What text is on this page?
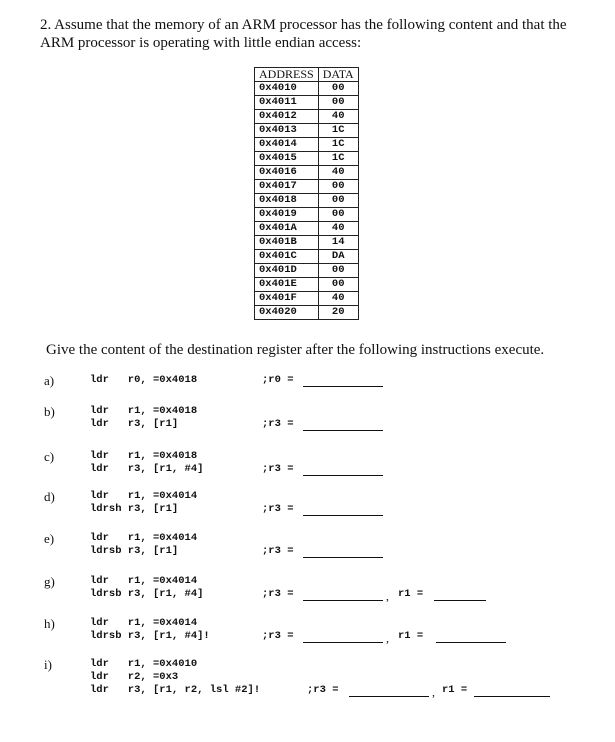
2. Assume that the memory of an ARM processor has the following content and that the ARM processor is operating with little endian access:
ADDRESS	DATA
0x4010	00
0x4011	00
0x4012	40
0x4013	1C
0x4014	1C
0x4015	1C
0x4016	40
0x4017	00
0x4018	00
0x4019	00
0x401A	40
0x401B	14
0x401C	DA
0x401D	00
0x401E	00
0x401F	40
0x4020	20
Give the content of the destination register after the following instructions execute.
a)	ldr   r0, =0x4018	;r0 =
b)	ldr   r1, =0x4018
ldr   r3, [r1]	;r3 =
c)	ldr   r1, =0x4018
ldr   r3, [r1, #4]	;r3 =
d)	ldr   r1, =0x4014
ldrsh r3, [r1]	;r3 =
e)	ldr   r1, =0x4014
ldrsb r3, [r1]	;r3 =
g)	ldr   r1, =0x4014
ldrsb r3, [r1, #4]	;r3 =	, r1 =
h)	ldr   r1, =0x4014
ldrsb r3, [r1, #4]!	;r3 =	, r1 =
i)	ldr   r1, =0x4010
ldr   r2, =0x3
ldr   r3, [r1, r2, lsl #2]!	;r3 =	, r1 =
